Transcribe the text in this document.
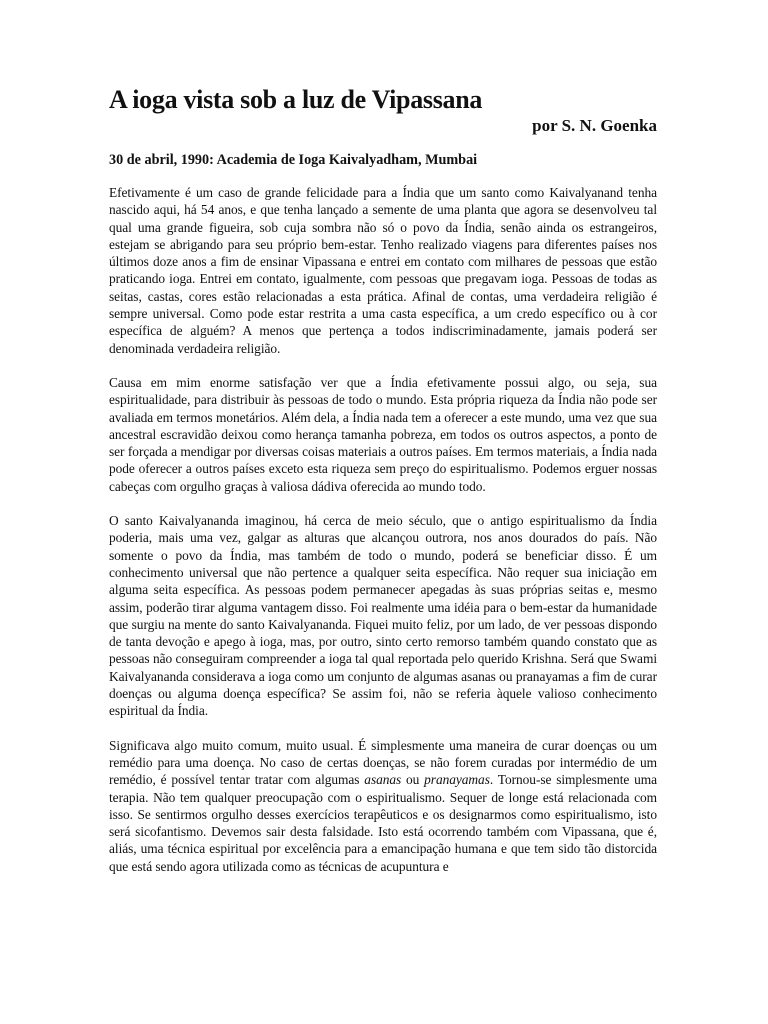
A ioga vista sob a luz de Vipassana

por S. N. Goenka

30 de abril, 1990: Academia de Ioga Kaivalyadham, Mumbai

Efetivamente é um caso de grande felicidade para a Índia que um santo como Kaivalyanand tenha nascido aqui, há 54 anos, e que tenha lançado a semente de uma planta que agora se desenvolveu tal qual uma grande figueira, sob cuja sombra não só o povo da Índia, senão ainda os estrangeiros, estejam se abrigando para seu próprio bem-estar. Tenho realizado viagens para diferentes países nos últimos doze anos a fim de ensinar Vipassana e entrei em contato com milhares de pessoas que estão praticando ioga. Entrei em contato, igualmente, com pessoas que pregavam ioga. Pessoas de todas as seitas, castas, cores estão relacionadas a esta prática. Afinal de contas, uma verdadeira religião é sempre universal. Como pode estar restrita a uma casta específica, a um credo específico ou à cor específica de alguém? A menos que pertença a todos indiscriminadamente, jamais poderá ser denominada verdadeira religião.

Causa em mim enorme satisfação ver que a Índia efetivamente possui algo, ou seja, sua espiritualidade, para distribuir às pessoas de todo o mundo. Esta própria riqueza da Índia não pode ser avaliada em termos monetários. Além dela, a Índia nada tem a oferecer a este mundo, uma vez que sua ancestral escravidão deixou como herança tamanha pobreza, em todos os outros aspectos, a ponto de ser forçada a mendigar por diversas coisas materiais a outros países. Em termos materiais, a Índia nada pode oferecer a outros países exceto esta riqueza sem preço do espiritualismo. Podemos erguer nossas cabeças com orgulho graças à valiosa dádiva oferecida ao mundo todo.

O santo Kaivalyananda imaginou, há cerca de meio século, que o antigo espiritualismo da Índia poderia, mais uma vez, galgar as alturas que alcançou outrora, nos anos dourados do país. Não somente o povo da Índia, mas também de todo o mundo, poderá se beneficiar disso. É um conhecimento universal que não pertence a qualquer seita específica. Não requer sua iniciação em alguma seita específica. As pessoas podem permanecer apegadas às suas próprias seitas e, mesmo assim, poderão tirar alguma vantagem disso. Foi realmente uma idéia para o bem-estar da humanidade que surgiu na mente do santo Kaivalyananda. Fiquei muito feliz, por um lado, de ver pessoas dispondo de tanta devoção e apego à ioga, mas, por outro, sinto certo remorso também quando constato que as pessoas não conseguiram compreender a ioga tal qual reportada pelo querido Krishna. Será que Swami Kaivalyananda considerava a ioga como um conjunto de algumas asanas ou pranayamas a fim de curar doenças ou alguma doença específica? Se assim foi, não se referia àquele valioso conhecimento espiritual da Índia.

Significava algo muito comum, muito usual. É simplesmente uma maneira de curar doenças ou um remédio para uma doença. No caso de certas doenças, se não forem curadas por intermédio de um remédio, é possível tentar tratar com algumas asanas ou pranayamas. Tornou-se simplesmente uma terapia. Não tem qualquer preocupação com o espiritualismo. Sequer de longe está relacionada com isso. Se sentirmos orgulho desses exercícios terapêuticos e os designarmos como espiritualismo, isto será sicofantismo. Devemos sair desta falsidade. Isto está ocorrendo também com Vipassana, que é, aliás, uma técnica espiritual por excelência para a emancipação humana e que tem sido tão distorcida que está sendo agora utilizada como as técnicas de acupuntura e
